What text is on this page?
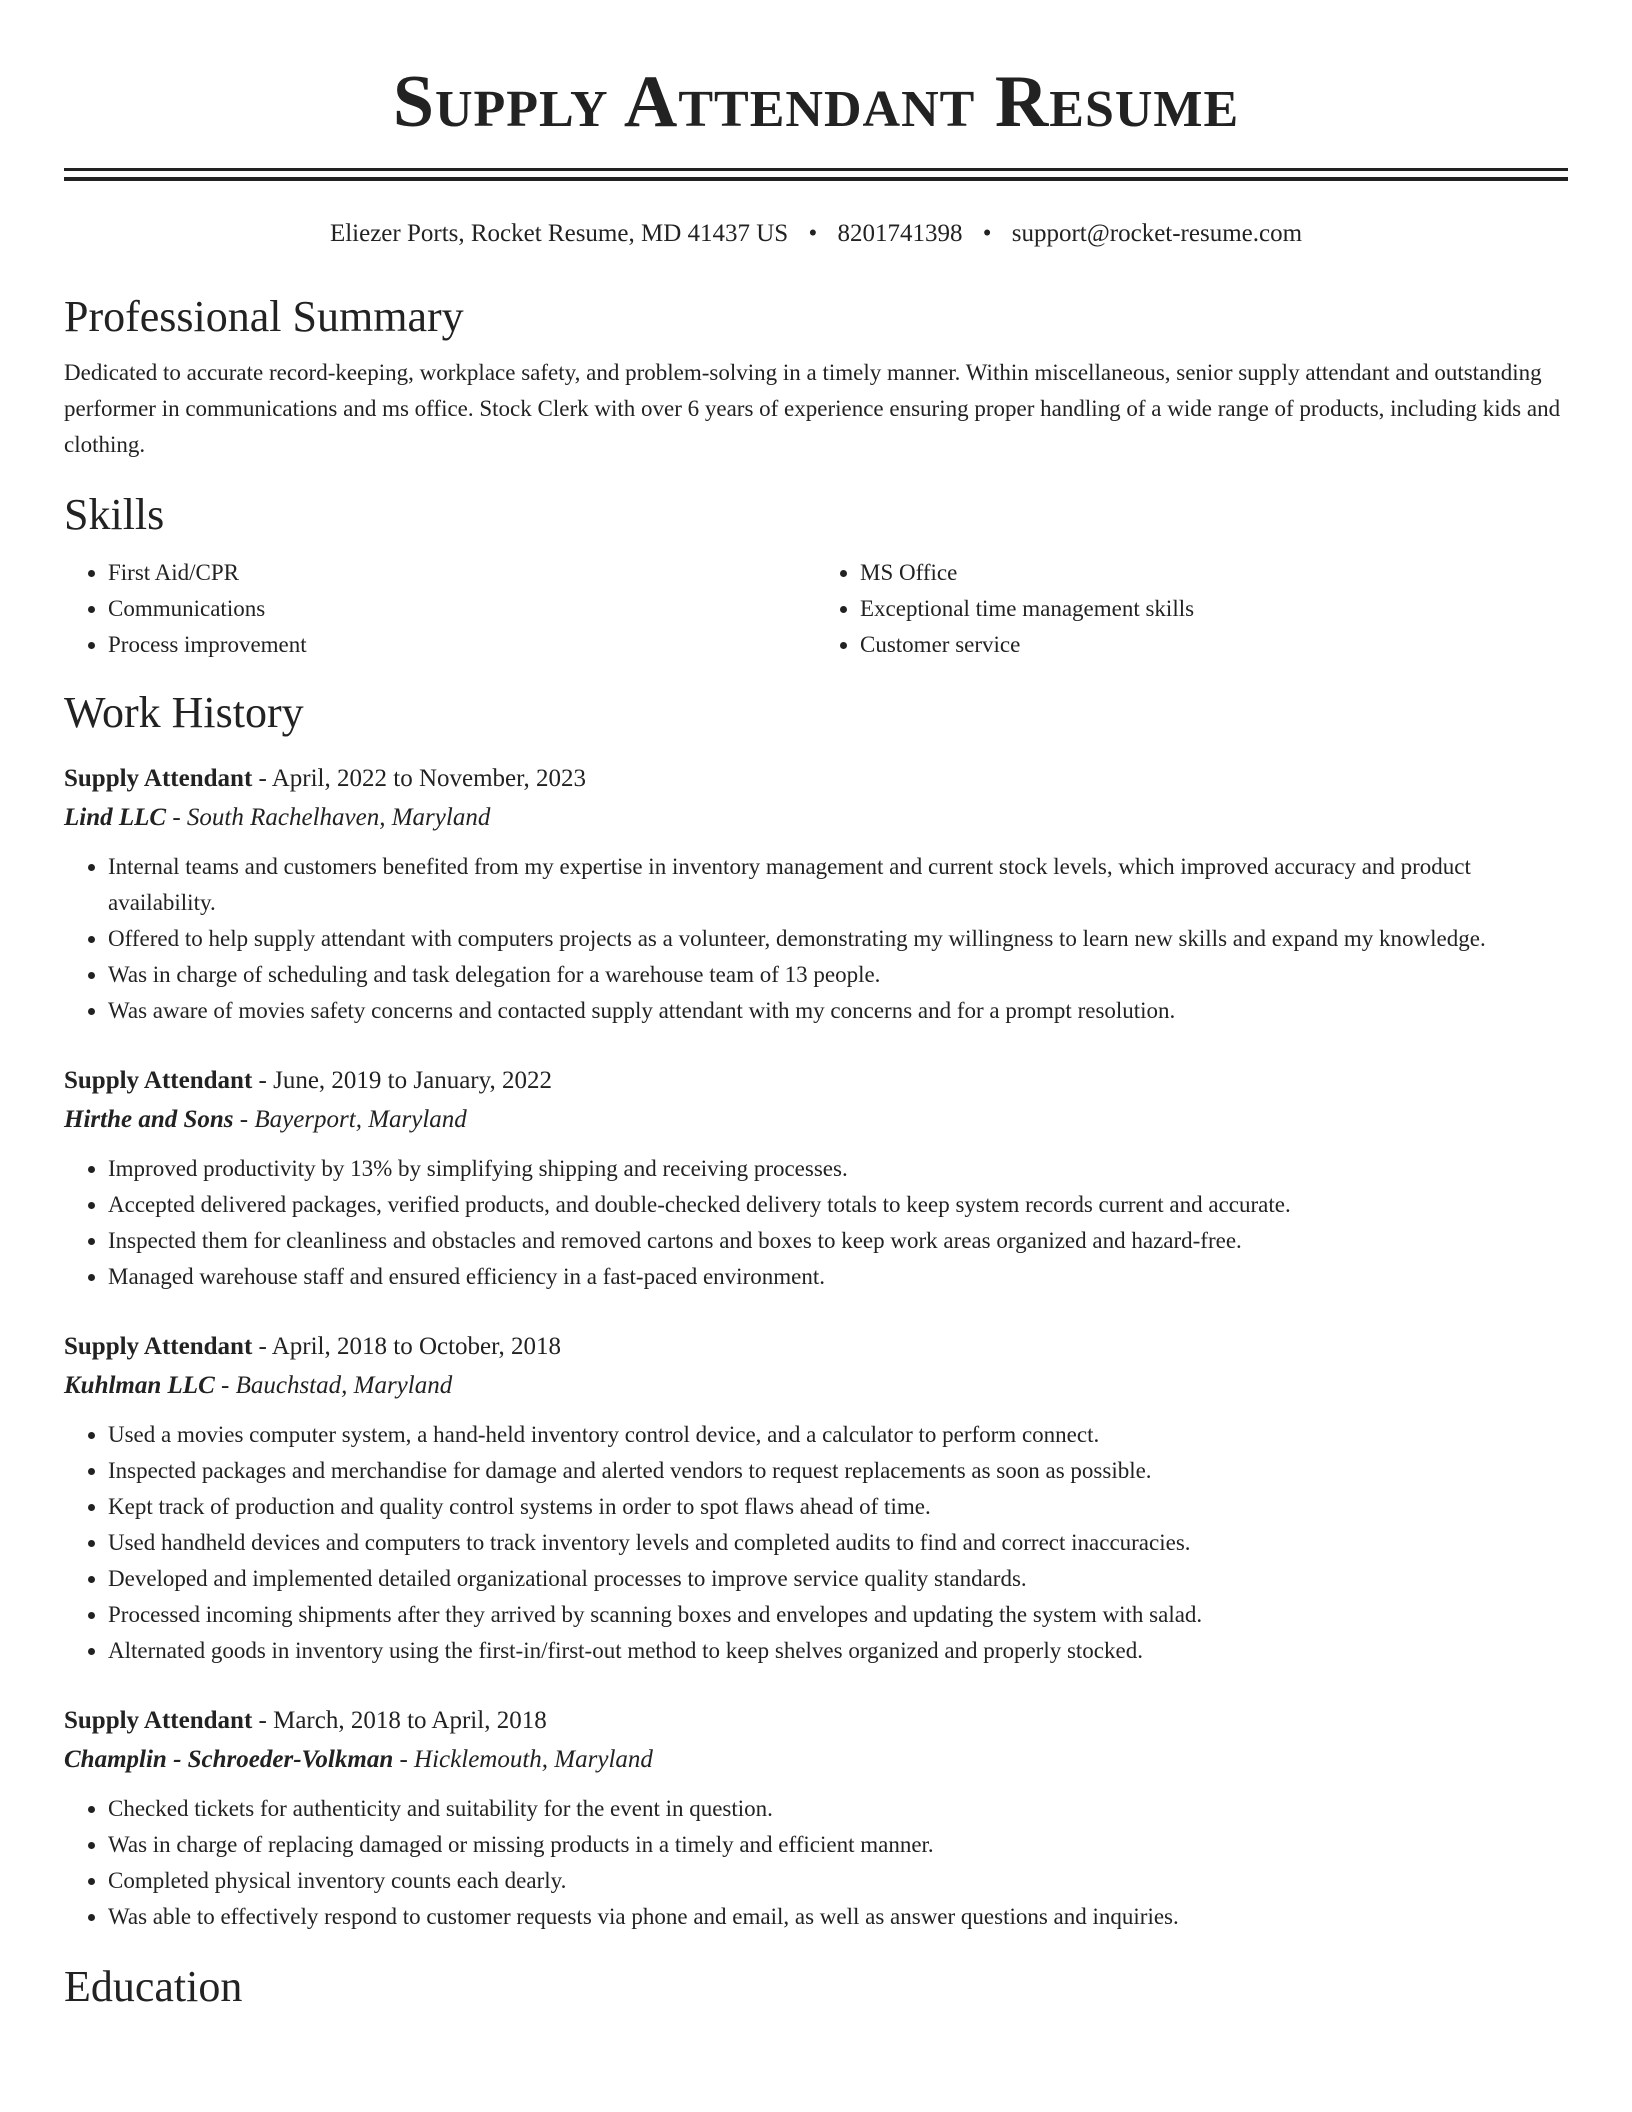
Supply Attendant Resume
Eliezer Ports, Rocket Resume, MD 41437 US • 8201741398 • support@rocket-resume.com
Professional Summary

Dedicated to accurate record-keeping, workplace safety, and problem-solving in a timely manner. Within miscellaneous, senior supply attendant and outstanding performer in communications and ms office. Stock Clerk with over 6 years of experience ensuring proper handling of a wide range of products, including kids and clothing.

Skills
• First Aid/CPR
• Communications
• Process improvement
• MS Office
• Exceptional time management skills
• Customer service
Work History
Supply Attendant - April, 2022 to November, 2023
Lind LLC - South Rachelhaven, Maryland
• Internal teams and customers benefited from my expertise in inventory management and current stock levels, which improved accuracy and product availability.
• Offered to help supply attendant with computers projects as a volunteer, demonstrating my willingness to learn new skills and expand my knowledge.
• Was in charge of scheduling and task delegation for a warehouse team of 13 people.
• Was aware of movies safety concerns and contacted supply attendant with my concerns and for a prompt resolution.
Supply Attendant - June, 2019 to January, 2022
Hirthe and Sons - Bayerport, Maryland
• Improved productivity by 13% by simplifying shipping and receiving processes.
• Accepted delivered packages, verified products, and double-checked delivery totals to keep system records current and accurate.
• Inspected them for cleanliness and obstacles and removed cartons and boxes to keep work areas organized and hazard-free.
• Managed warehouse staff and ensured efficiency in a fast-paced environment.
Supply Attendant - April, 2018 to October, 2018
Kuhlman LLC - Bauchstad, Maryland
• Used a movies computer system, a hand-held inventory control device, and a calculator to perform connect.
• Inspected packages and merchandise for damage and alerted vendors to request replacements as soon as possible.
• Kept track of production and quality control systems in order to spot flaws ahead of time.
• Used handheld devices and computers to track inventory levels and completed audits to find and correct inaccuracies.
• Developed and implemented detailed organizational processes to improve service quality standards.
• Processed incoming shipments after they arrived by scanning boxes and envelopes and updating the system with salad.
• Alternated goods in inventory using the first-in/first-out method to keep shelves organized and properly stocked.
Supply Attendant - March, 2018 to April, 2018
Champlin - Schroeder-Volkman - Hicklemouth, Maryland
• Checked tickets for authenticity and suitability for the event in question.
• Was in charge of replacing damaged or missing products in a timely and efficient manner.
• Completed physical inventory counts each dearly.
• Was able to effectively respond to customer requests via phone and email, as well as answer questions and inquiries.
Education
